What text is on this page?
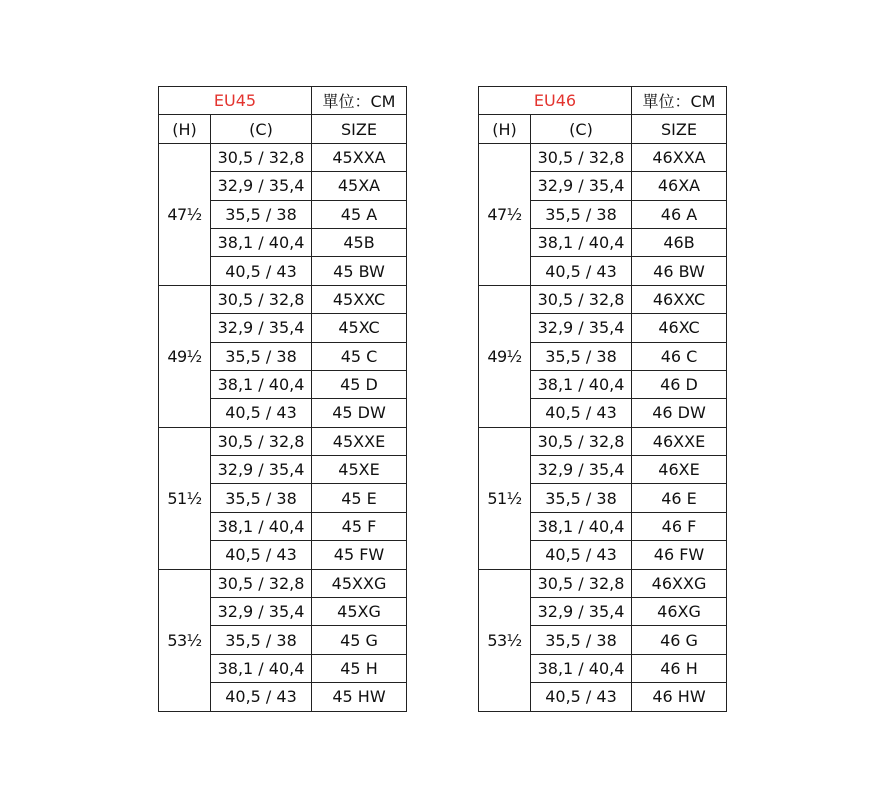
EU45		單位：CM
(H)	(C)	SIZE
47½	30,5 / 32,8	45XXA
	32,9 / 35,4	45XA
	35,5 / 38	45 A
	38,1 / 40,4	45B
	40,5 / 43	45 BW
49½	30,5 / 32,8	45XXC
	32,9 / 35,4	45XC
	35,5 / 38	45 C
	38,1 / 40,4	45 D
	40,5 / 43	45 DW
51½	30,5 / 32,8	45XXE
	32,9 / 35,4	45XE
	35,5 / 38	45 E
	38,1 / 40,4	45 F
	40,5 / 43	45 FW
53½	30,5 / 32,8	45XXG
	32,9 / 35,4	45XG
	35,5 / 38	45 G
	38,1 / 40,4	45 H
	40,5 / 43	45 HW
EU46		單位：CM
(H)	(C)	SIZE
47½	30,5 / 32,8	46XXA
	32,9 / 35,4	46XA
	35,5 / 38	46 A
	38,1 / 40,4	46B
	40,5 / 43	46 BW
49½	30,5 / 32,8	46XXC
	32,9 / 35,4	46XC
	35,5 / 38	46 C
	38,1 / 40,4	46 D
	40,5 / 43	46 DW
51½	30,5 / 32,8	46XXE
	32,9 / 35,4	46XE
	35,5 / 38	46 E
	38,1 / 40,4	46 F
	40,5 / 43	46 FW
53½	30,5 / 32,8	46XXG
	32,9 / 35,4	46XG
	35,5 / 38	46 G
	38,1 / 40,4	46 H
	40,5 / 43	46 HW
